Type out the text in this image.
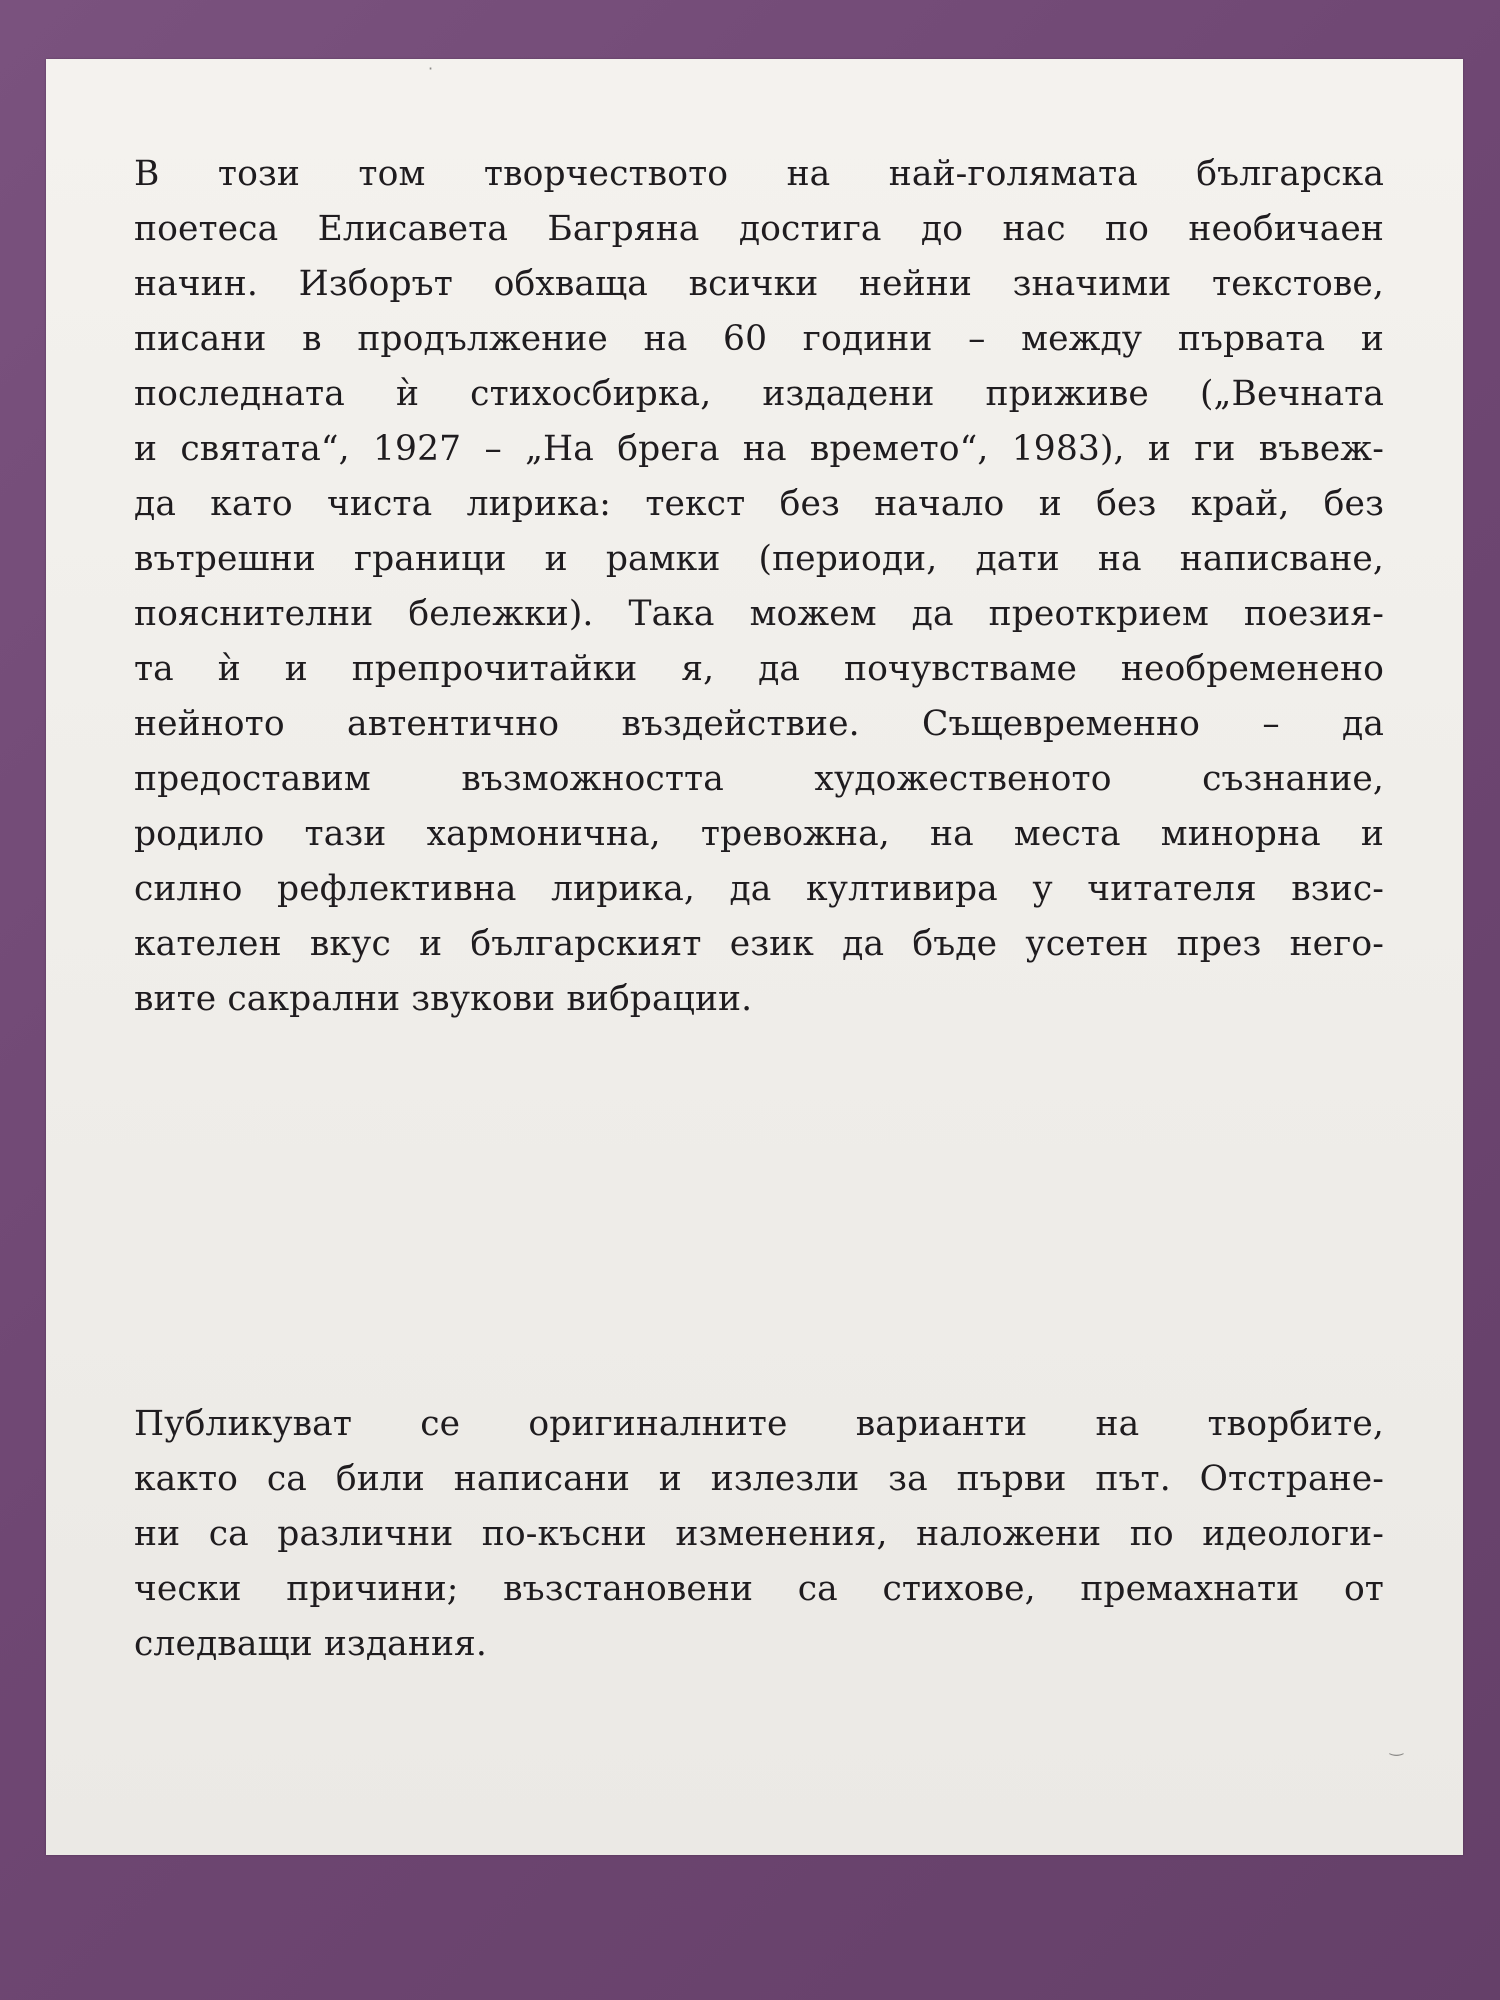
·
‿
В този том творчеството на най-голямата българска
поетеса Елисавета Багряна достига до нас по необичаен
начин. Изборът обхваща всички нейни значими текстове,
писани в продължение на 60 години – между първата и
последната ѝ стихосбирка, издадени приживе („Вечната
и святата“, 1927 – „На брега на времето“, 1983), и ги въвеж-
да като чиста лирика: текст без начало и без край, без
вътрешни граници и рамки (периоди, дати на написване,
пояснителни бележки). Така можем да преоткрием поезия-
та ѝ и препрочитайки я, да почувстваме необременено
нейното автентично въздействие. Същевременно – да
предоставим възможността художественото съзнание,
родило тази хармонична, тревожна, на места минорна и
силно рефлективна лирика, да култивира у читателя взис-
кателен вкус и българският език да бъде усетен през него-
вите сакрални звукови вибрации.
Публикуват се оригиналните варианти на творбите,
както са били написани и излезли за първи път. Отстране-
ни са различни по-късни изменения, наложени по идеологи-
чески причини; възстановени са стихове, премахнати от
следващи издания.
